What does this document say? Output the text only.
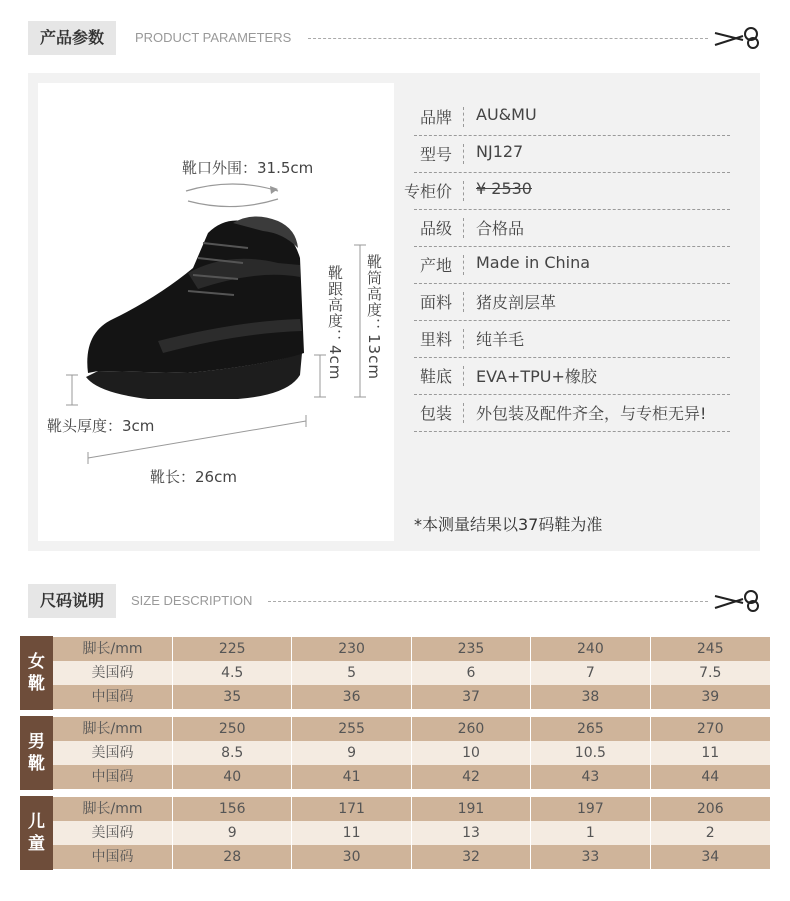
产品参数	PRODUCT PARAMETERS
靴口外围：31.5cm
靴跟高度：4cm 靴筒高度：13cm
靴头厚度：3cm
靴长：26cm
品牌 AU&MU
型号 NJ127
专柜价 ¥ 2530
品级 合格品
产地 Made in China
面料 猪皮剖层革
里料 纯羊毛
鞋底 EVA+TPU+橡胶
包装 外包装及配件齐全，与专柜无异!
*本测量结果以37码鞋为准
尺码说明	SIZE DESCRIPTION
女
靴
脚长/mm	225	230	235	240	245
美国码	4.5	5	6	7	7.5
中国码	35	36	37	38	39
男
靴
脚长/mm	250	255	260	265	270
美国码	8.5	9	10	10.5	11
中国码	40	41	42	43	44
儿
童
脚长/mm	156	171	191	197	206
美国码	9	11	13	1	2
中国码	28	30	32	33	34
